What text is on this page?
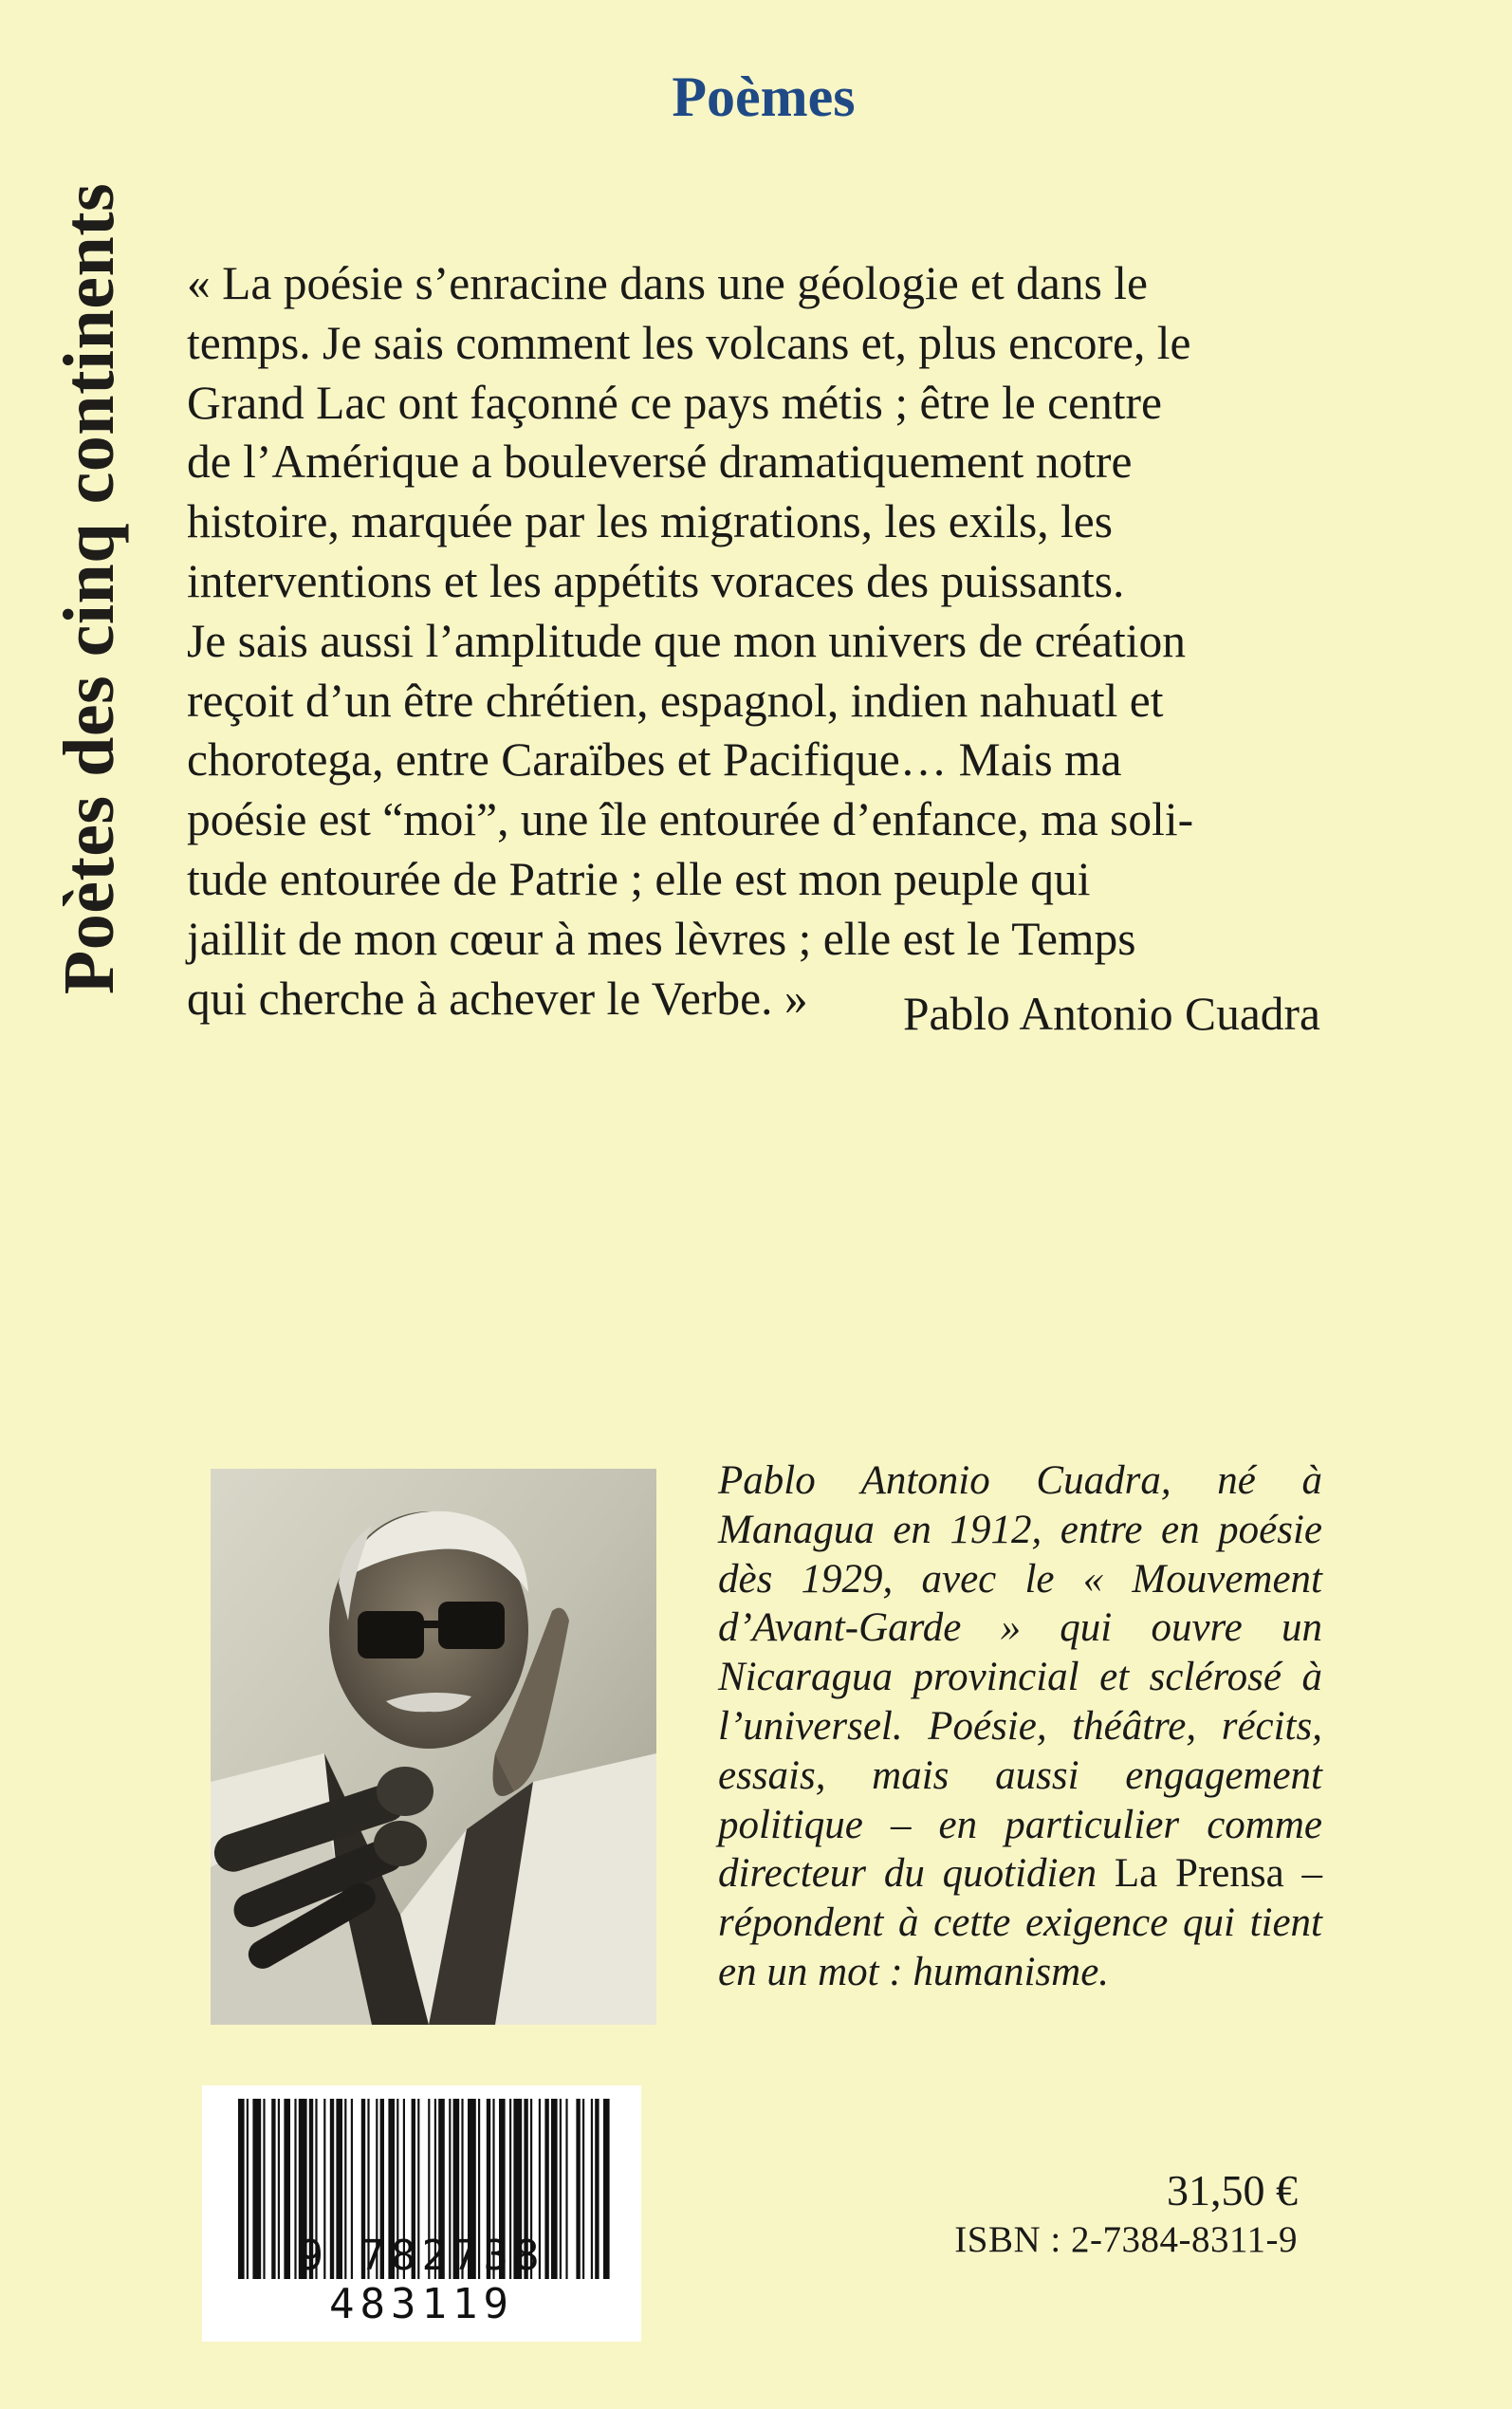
Poètes des cinq continents
Poèmes

« La poésie s’enracine dans une géologie et dans le

temps. Je sais comment les volcans et, plus encore, le

Grand Lac ont façonné ce pays métis ; être le centre

de l’Amérique a bouleversé dramatiquement notre

histoire, marquée par les migrations, les exils, les

interventions et les appétits voraces des puissants.

Je sais aussi l’amplitude que mon univers de création

reçoit d’un être chrétien, espagnol, indien nahuatl et

chorotega, entre Caraïbes et Pacifique… Mais ma

poésie est “moi”, une île entourée d’enfance, ma soli-

tude entourée de Patrie ; elle est mon peuple qui

jaillit de mon cœur à mes lèvres ; elle est le Temps

qui cherche à achever le Verbe. »	Pablo Antonio Cuadra
Pablo Antonio Cuadra, né à Managua en 1912, entre en poésie dès 1929, avec le « Mouvement d’Avant-Garde » qui ouvre un Nicaragua provincial et sclérosé à l’universel. Poésie, théâtre, récits, essais, mais aussi engagement politique – en particulier comme directeur du quotidien La Prensa – répondent à cette exigence qui tient en un mot : humanisme.
9 782738 483119
31,50 €
ISBN : 2-7384-8311-9
